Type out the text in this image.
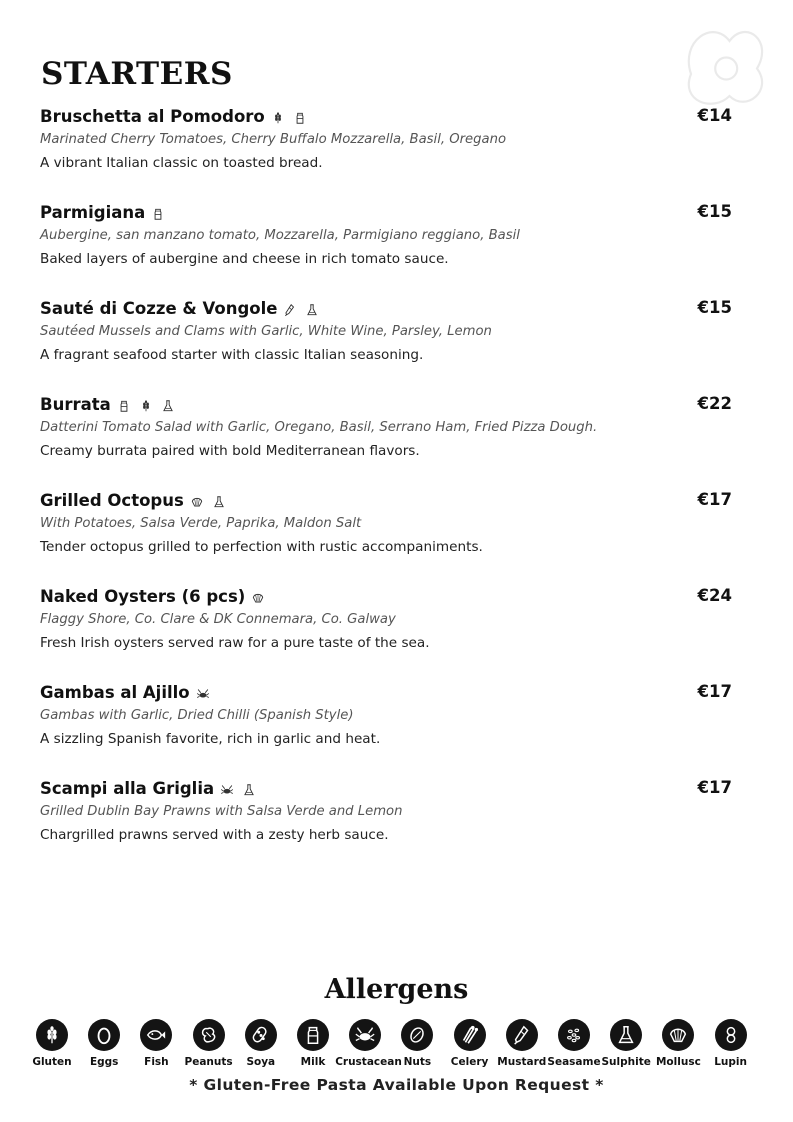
STARTERS
Bruschetta al Pomodoro	€14
Marinated Cherry Tomatoes, Cherry Buffalo Mozzarella, Basil, Oregano
A vibrant Italian classic on toasted bread.
Parmigiana	€15
Aubergine, san manzano tomato, Mozzarella, Parmigiano reggiano, Basil
Baked layers of aubergine and cheese in rich tomato sauce.
Sauté di Cozze & Vongole	€15
Sautéed Mussels and Clams with Garlic, White Wine, Parsley, Lemon
A fragrant seafood starter with classic Italian seasoning.
Burrata	€22
Datterini Tomato Salad with Garlic, Oregano, Basil, Serrano Ham, Fried Pizza Dough.
Creamy burrata paired with bold Mediterranean flavors.
Grilled Octopus	€17
With Potatoes, Salsa Verde, Paprika, Maldon Salt
Tender octopus grilled to perfection with rustic accompaniments.
Naked Oysters (6 pcs)	€24
Flaggy Shore, Co. Clare & DK Connemara, Co. Galway
Fresh Irish oysters served raw for a pure taste of the sea.
Gambas al Ajillo	€17
Gambas with Garlic, Dried Chilli (Spanish Style)
A sizzling Spanish favorite, rich in garlic and heat.
Scampi alla Griglia	€17
Grilled Dublin Bay Prawns with Salsa Verde and Lemon
Chargrilled prawns served with a zesty herb sauce.
Allergens
Gluten	Eggs	Fish	Peanuts	Soya	Milk Crustacean Nuts	Celery Mustard Seasame Sulphite Mollusc	Lupin
* Gluten-Free Pasta Available Upon Request *
